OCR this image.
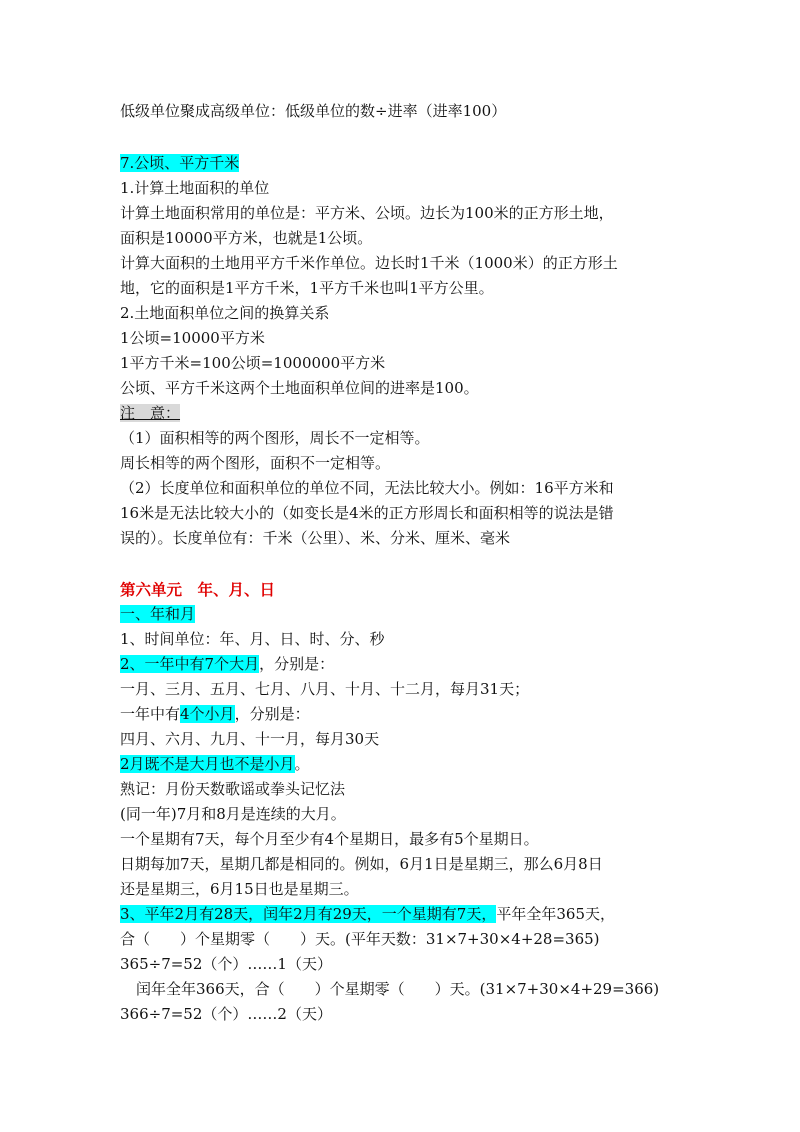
低级单位聚成高级单位：低级单位的数÷进率（进率100）
7.公顷、平方千米
1.计算土地面积的单位
计算土地面积常用的单位是：平方米、公顷。边长为100米的正方形土地，
面积是10000平方米，也就是1公顷。
计算大面积的土地用平方千米作单位。边长时1千米（1000米）的正方形土
地，它的面积是1平方千米，1平方千米也叫1平方公里。
2.土地面积单位之间的换算关系
1公顷=10000平方米
1平方千米=100公顷=1000000平方米
公顷、平方千米这两个土地面积单位间的进率是100。
注　意：
（1）面积相等的两个图形，周长不一定相等。
周长相等的两个图形，面积不一定相等。
（2）长度单位和面积单位的单位不同，无法比较大小。例如：16平方米和
16米是无法比较大小的（如变长是4米的正方形周长和面积相等的说法是错
误的）。长度单位有：千米（公里）、米、分米、厘米、毫米
第六单元　年、月、日
一、年和月
1、时间单位：年、月、日、时、分、秒
2、一年中有7个大月，分别是：
一月、三月、五月、七月、八月、十月、十二月，每月31天；
一年中有4个小月，分别是：
四月、六月、九月、十一月，每月30天
2月既不是大月也不是小月。
熟记：月份天数歌谣或拳头记忆法
(同一年)7月和8月是连续的大月。
一个星期有7天，每个月至少有4个星期日，最多有5个星期日。
日期每加7天，星期几都是相同的。例如，6月1日是星期三，那么6月8日
还是星期三，6月15日也是星期三。
3、平年2月有28天，闰年2月有29天，一个星期有7天，平年全年365天，
合（　　）个星期零（　　）天。(平年天数：31×7+30×4+28=365)
365÷7=52（个）……1（天）
闰年全年366天，合（　　）个星期零（　　）天。(31×7+30×4+29=366)
366÷7=52（个）……2（天）
